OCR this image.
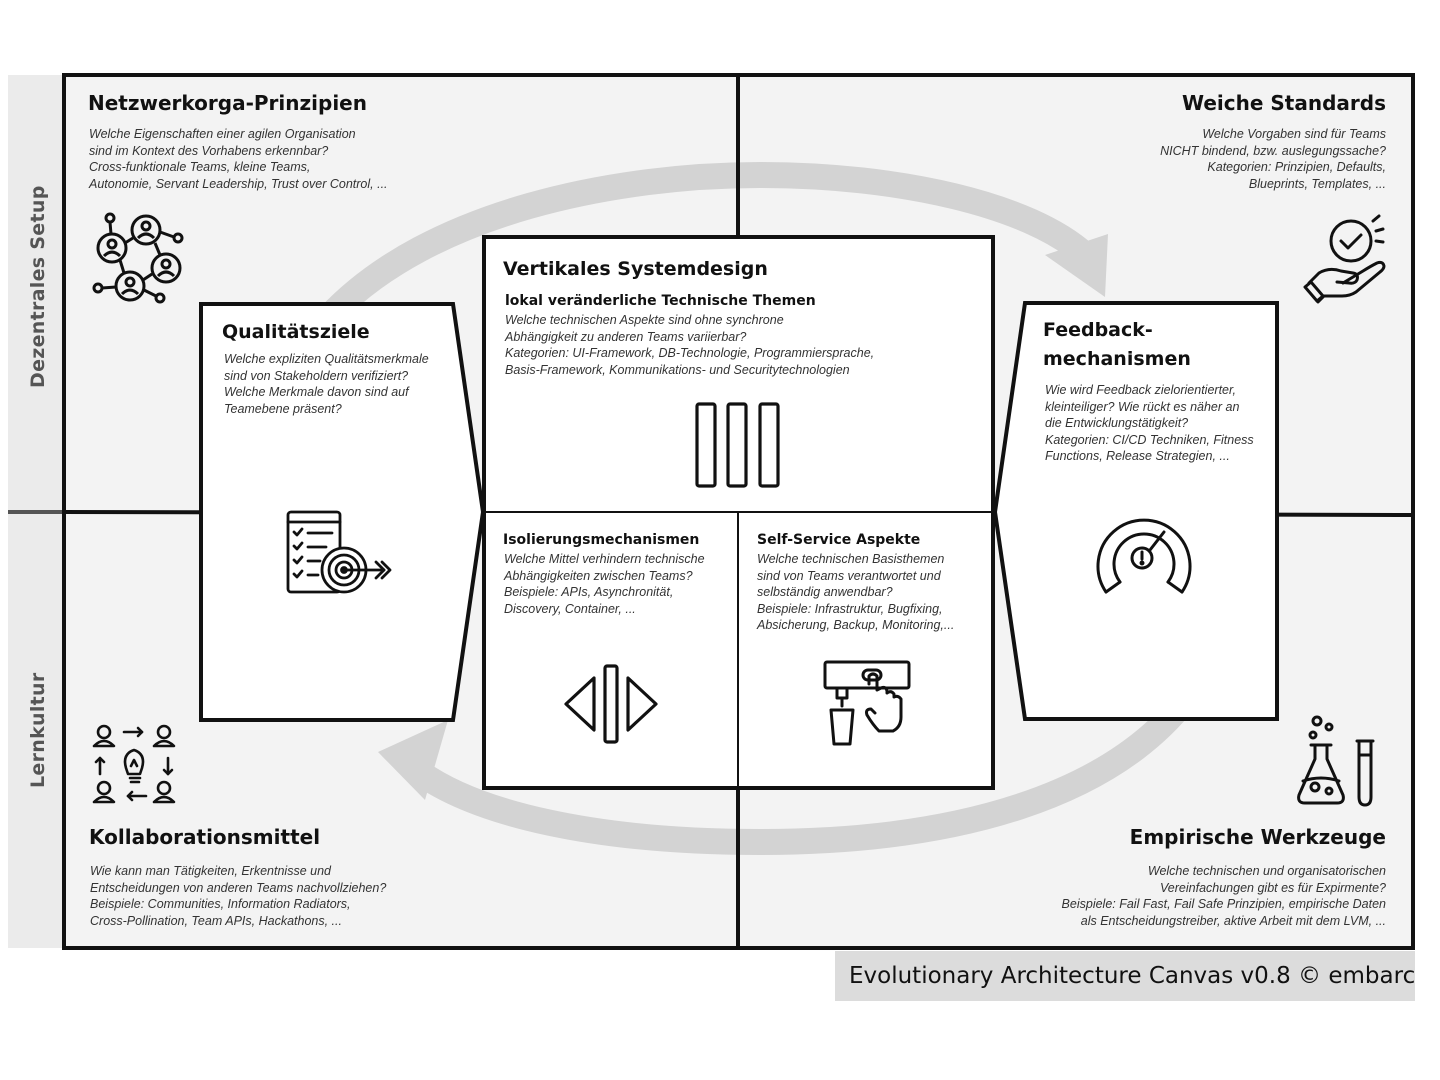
Dezentrales Setup
Lernkultur
Netzwerkorga-Prinzipien
Welche Eigenschaften einer agilen Organisation
sind im Kontext des Vorhabens erkennbar?
Cross-funktionale Teams, kleine Teams,
Autonomie, Servant Leadership, Trust over Control, ...
Weiche Standards
Welche Vorgaben sind für Teams
NICHT bindend, bzw. auslegungssache?
Kategorien: Prinzipien, Defaults,
Blueprints, Templates, ...
Kollaborationsmittel
Wie kann man Tätigkeiten, Erkentnisse und
Entscheidungen von anderen Teams nachvollziehen?
Beispiele: Communities, Information Radiators,
Cross-Pollination, Team APIs, Hackathons, ...
Empirische Werkzeuge
Welche technischen und organisatorischen
Vereinfachungen gibt es für Expirmente?
Beispiele: Fail Fast, Fail Safe Prinzipien, empirische Daten
als Entscheidungstreiber, aktive Arbeit mit dem LVM, ...
Qualitätsziele
Welche expliziten Qualitätsmerkmale
sind von Stakeholdern verifiziert?
Welche Merkmale davon sind auf
Teamebene präsent?
Feedback-
mechanismen
Wie wird Feedback zielorientierter,
kleinteiliger? Wie rückt es näher an
die Entwicklungstätigkeit?
Kategorien: CI/CD Techniken, Fitness
Functions, Release Strategien, ...
Vertikales Systemdesign
lokal veränderliche Technische Themen
Welche technischen Aspekte sind ohne synchrone
Abhängigkeit zu anderen Teams variierbar?
Kategorien: UI-Framework, DB-Technologie, Programmiersprache,
Basis-Framework, Kommunikations- und Securitytechnologien
Isolierungsmechanismen
Welche Mittel verhindern technische
Abhängigkeiten zwischen Teams?
Beispiele: APIs, Asynchronität,
Discovery, Container, ...
Self-Service Aspekte
Welche technischen Basisthemen
sind von Teams verantwortet und
selbständig anwendbar?
Beispiele: Infrastruktur, Bugfixing,
Absicherung, Backup, Monitoring,...
Evolutionary Architecture Canvas v0.8 © embarc
